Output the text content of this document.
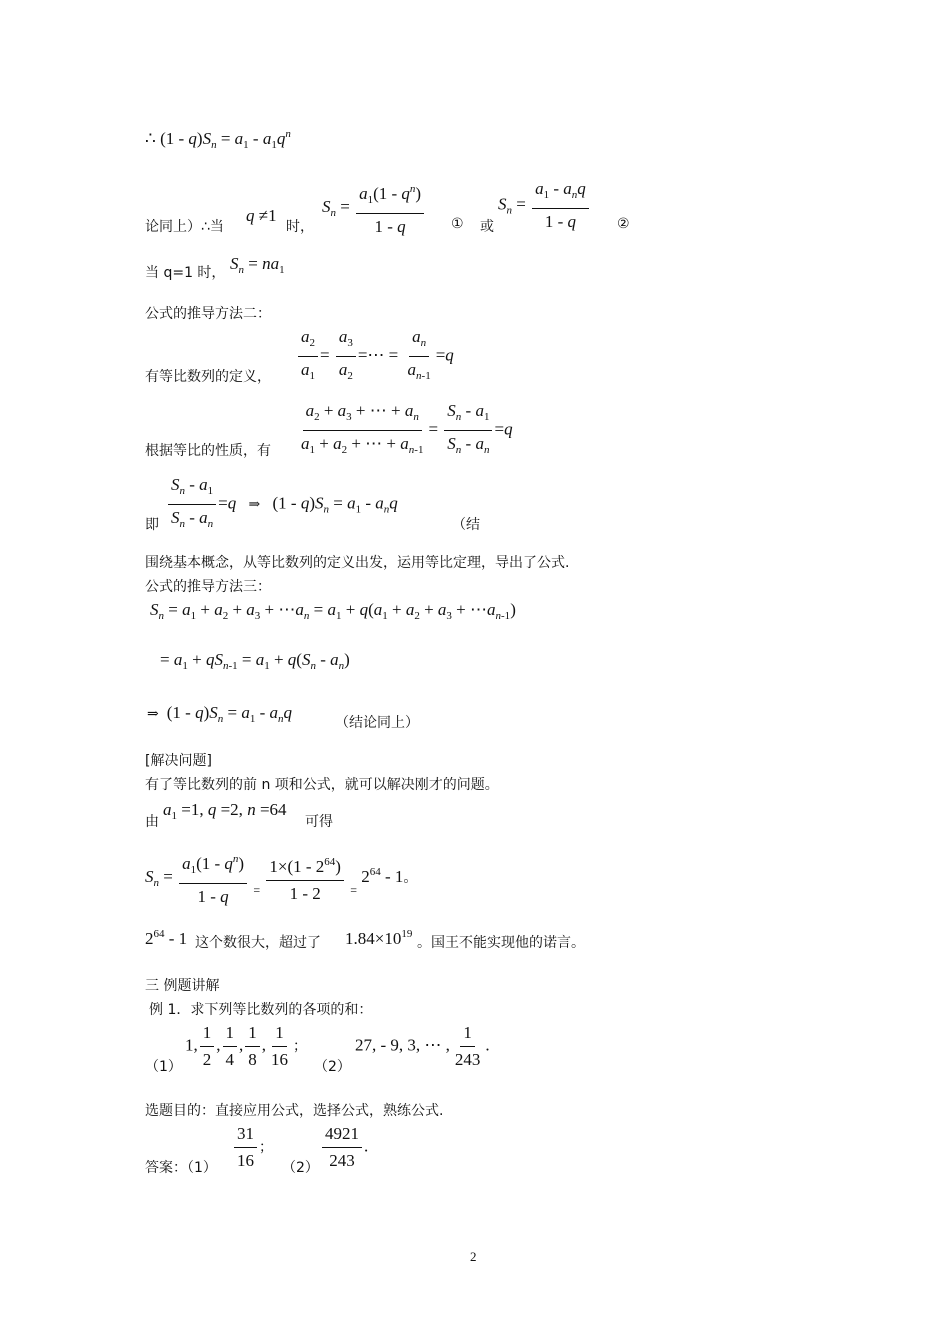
∴ $(1 - q)S_n = a_1 - a_1q^n$
论同上）∴当
q ≠1
时，
$S_n = \frac{a_1(1 - q^n)}{1 - q}$ ① 或
$S_n = \frac{a_1 - a_nq}{1 - q}$ ②
当 q=1 时， $S_n = na_1$
公式的推导方法二：
有等比数列的定义， $\frac{a_2}{a_1} = \frac{a_3}{a_2}$ =⋯ = $\frac{a_n}{a_{n-1}} =q$
根据等比的性质，有 $\frac{a_2 + a_3 + \cdots + a_n}{a_1 + a_2 + \cdots + a_{n-1}} = \frac{S_n - a_1}{S_n - a_n} =q$
即 $\frac{S_n - a_1}{S_n - a_n} =q$ ⇒ $(1 - q)S_n = a_1 - a_nq$
（结
围绕基本概念，从等比数列的定义出发，运用等比定理，导出了公式.
公式的推导方法三：
$S_n = a_1 + a_2 + a_3$ + $\cdots a_n = a_1 + q(a_1 + a_2 + a_3$ + $\cdots a_{n-1}$)
= $a_1 + qS_{n-1} = a_1 + q(S_n - a_n)$
⇒ $(1 - q)S_n = a_1 - a_nq$
（结论同上）
[解决问题]
有了等比数列的前 n 项和公式，就可以解决刚才的问题。
由
$a_1 =1$, q =2, n =64
可得
$S_n = \frac{a_1(1 - q^n)}{1 - q} _= \frac{1\times(1 - 2^{64})}{1 - 2} _=$ $2^{64} - 1$。
$2^{64} - 1$ 这个数很大，超过了 $1.84\times 10^{19}$
。国王不能实现他的诺言。
三 例题讲解
例 1．求下列等比数列的各项的和：
（1）
1, $\frac{1}{2}$ , $\frac{1}{4}$ , $\frac{1}{8}$ , $\frac{1}{16}$ ；
（2）
27, - 9, 3, ⋯ , $\frac{1}{243}$ .
选题目的：直接应用公式，选择公式，熟练公式.
答案：$(1) \frac{31}{16}$ ；
$(2) \frac{4921}{243}$ .
2
